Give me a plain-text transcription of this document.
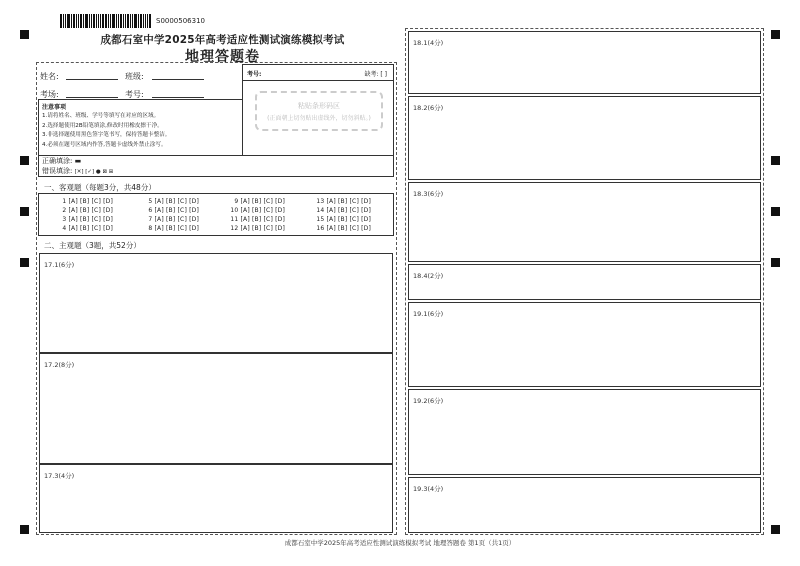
S0000506310
成都石室中学2025年高考适应性测试演练模拟考试
地理答题卷
姓名:	班级:
考场:	考号:
考号:	缺考: [ ]
粘贴条形码区
(正面朝上切勿贴出虚线外，切勿斜贴。)
注意事项
1.请将姓名、班级、学号等填写在对应的区域。
2.选择题使用2B铅笔填涂,修改时用橡皮擦干净。
3.非选择题使用黑色签字笔书写，保持答题卡整洁。
4.必须在题号区域内作答,答题卡虚线外禁止涂写。
正确填涂: ▬
错误填涂: [✕] [✓] ● ⊠ ⊞
一、客观题（每题3分，共48分）
1 [A] [B] [C] [D]
2 [A] [B] [C] [D]
3 [A] [B] [C] [D]
4 [A] [B] [C] [D]
5 [A] [B] [C] [D]
6 [A] [B] [C] [D]
7 [A] [B] [C] [D]
8 [A] [B] [C] [D]
9 [A] [B] [C] [D]
10 [A] [B] [C] [D]
11 [A] [B] [C] [D]
12 [A] [B] [C] [D]
13 [A] [B] [C] [D]
14 [A] [B] [C] [D]
15 [A] [B] [C] [D]
16 [A] [B] [C] [D]
二、主观题（3题，共52分）
17.1(6分)
17.2(8分)
17.3(4分)
18.1(4分)
18.2(6分)
18.3(6分)
18.4(2分)
19.1(6分)
19.2(6分)
19.3(4分)
成都石室中学2025年高考适应性测试演练模拟考试 地理答题卷 第1页（共1页）
